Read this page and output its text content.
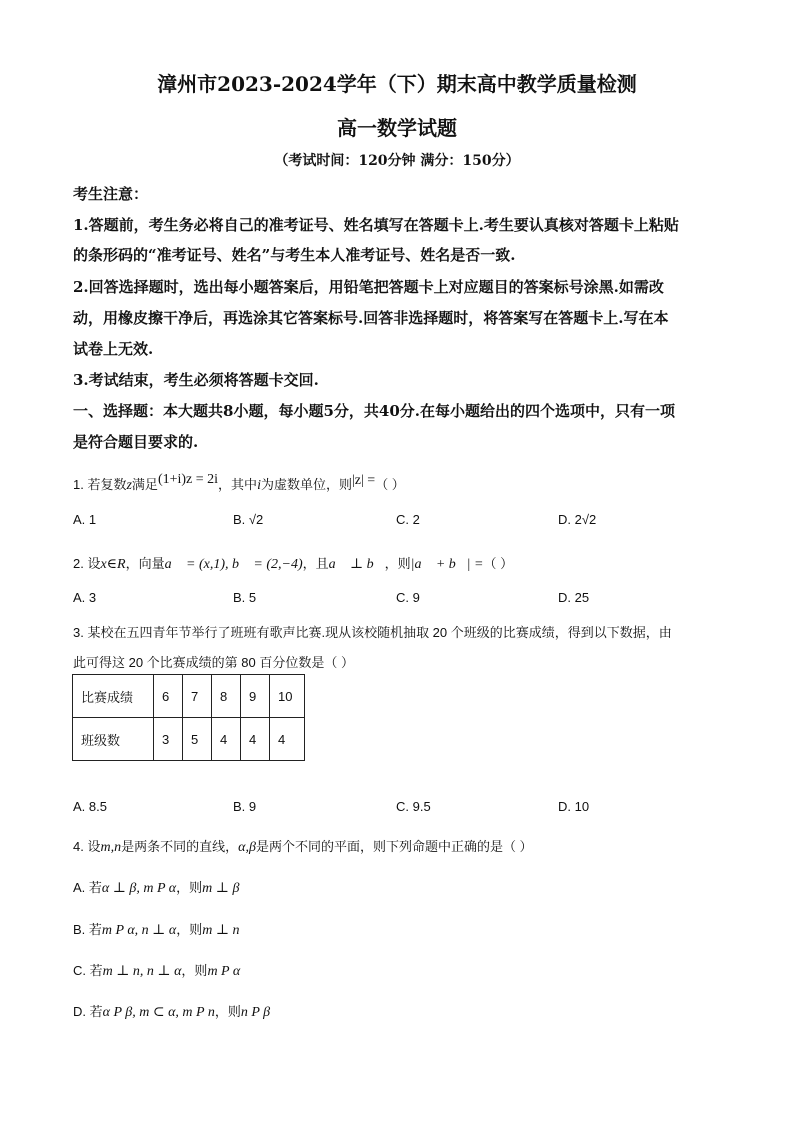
漳州市2023-2024学年（下）期末高中教学质量检测
高一数学试题
（考试时间：120分钟 满分：150分）
考生注意：
1.答题前，考生务必将自己的准考证号、姓名填写在答题卡上.考生要认真核对答题卡上粘贴
的条形码的“准考证号、姓名”与考生本人准考证号、姓名是否一致.
2.回答选择题时，选出每小题答案后，用铅笔把答题卡上对应题目的答案标号涂黑.如需改
动，用橡皮擦干净后，再选涂其它答案标号.回答非选择题时，将答案写在答题卡上.写在本
试卷上无效.
3.考试结束，考生必须将答题卡交回.
一、选择题：本大题共8小题，每小题5分，共40分.在每小题给出的四个选项中，只有一项
是符合题目要求的.
1. 若复数z满足(1+i)z = 2i，其中i为虚数单位，则|z| =（ ）
A. 1	B. √2	C. 2	D. 2√2
2. 设x∈R，向量a⃗ = (x,1), b⃗ = (2,−4)，且a⃗ ⊥ b⃗，则|a⃗ + b⃗| =（ ）
A. 3	B. 5	C. 9	D. 25
3. 某校在五四青年节举行了班班有歌声比赛.现从该校随机抽取 20 个班级的比赛成绩，得到以下数据，由
此可得这 20 个比赛成绩的第 80 百分位数是（ ）
比赛成绩	6	7	8	9	10
班级数	3	5	4	4	4
A. 8.5	B. 9	C. 9.5	D. 10
4. 设m,n是两条不同的直线，α,β是两个不同的平面，则下列命题中正确的是（ ）
A. 若α ⊥ β, m P α，则m ⊥ β
B. 若m P α, n ⊥ α，则m ⊥ n
C. 若m ⊥ n, n ⊥ α，则m P α
D. 若α P β, m ⊂ α, m P n，则n P β
